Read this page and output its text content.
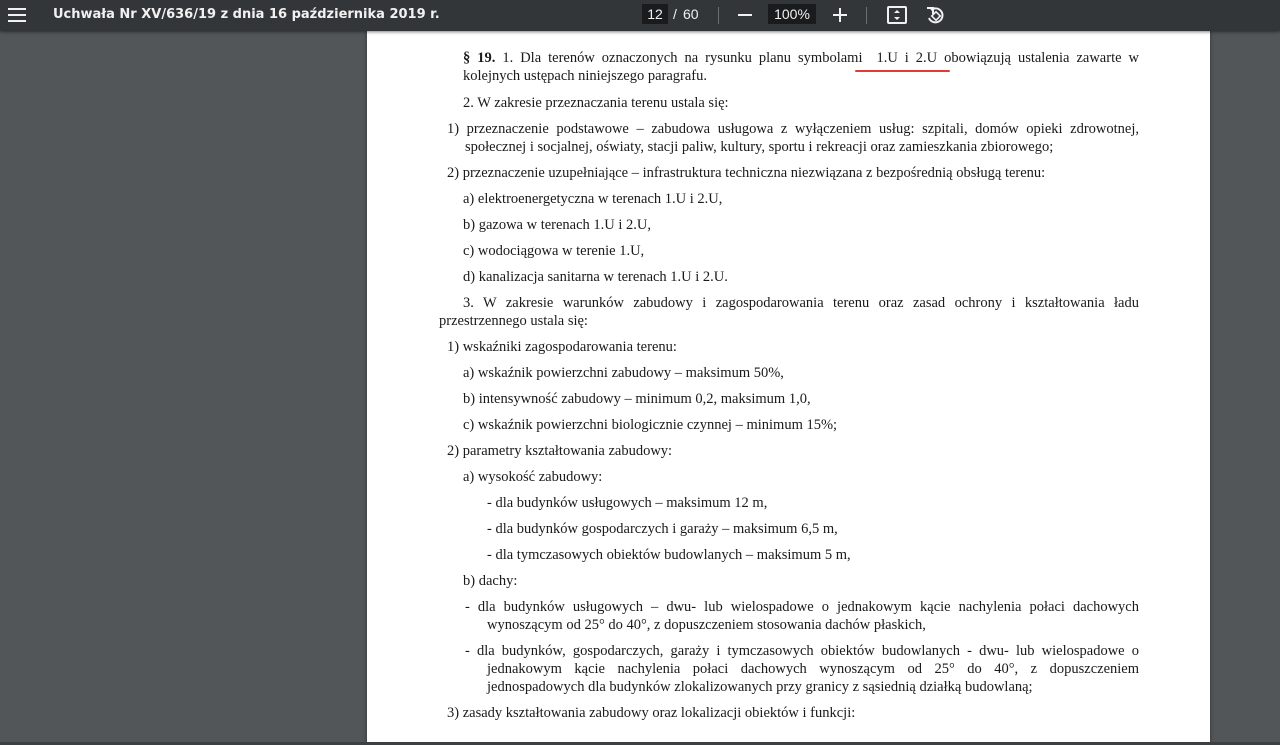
Uchwała Nr XV/636/19 z dnia 16 października 2019 r.	12 / 60	100%

§ 19. 1. Dla terenów oznaczonych na rysunku planu symbolami 1.U i 2.U obowiązują ustalenia zawarte w kolejnych ustępach niniejszego paragrafu.

2. W zakresie przeznaczania terenu ustala się:

1) przeznaczenie podstawowe – zabudowa usługowa z wyłączeniem usług: szpitali, domów opieki zdrowotnej, społecznej i socjalnej, oświaty, stacji paliw, kultury, sportu i rekreacji oraz zamieszkania zbiorowego;

2) przeznaczenie uzupełniające – infrastruktura techniczna niezwiązana z bezpośrednią obsługą terenu:

a) elektroenergetyczna w terenach 1.U i 2.U,

b) gazowa w terenach 1.U i 2.U,

c) wodociągowa w terenie 1.U,

d) kanalizacja sanitarna w terenach 1.U i 2.U.

3. W zakresie warunków zabudowy i zagospodarowania terenu oraz zasad ochrony i kształtowania ładu przestrzennego ustala się:

1) wskaźniki zagospodarowania terenu:

a) wskaźnik powierzchni zabudowy – maksimum 50%,

b) intensywność zabudowy – minimum 0,2, maksimum 1,0,

c) wskaźnik powierzchni biologicznie czynnej – minimum 15%;

2) parametry kształtowania zabudowy:

a) wysokość zabudowy:

- dla budynków usługowych – maksimum 12 m,

- dla budynków gospodarczych i garaży – maksimum 6,5 m,

- dla tymczasowych obiektów budowlanych – maksimum 5 m,

b) dachy:

- dla budynków usługowych – dwu- lub wielospadowe o jednakowym kącie nachylenia połaci dachowych wynoszącym od 25° do 40°, z dopuszczeniem stosowania dachów płaskich,

- dla budynków, gospodarczych, garaży i tymczasowych obiektów budowlanych - dwu- lub wielospadowe o jednakowym kącie nachylenia połaci dachowych wynoszącym od 25° do 40°, z dopuszczeniem jednospadowych dla budynków zlokalizowanych przy granicy z sąsiednią działką budowlaną;

3) zasady kształtowania zabudowy oraz lokalizacji obiektów i funkcji:
